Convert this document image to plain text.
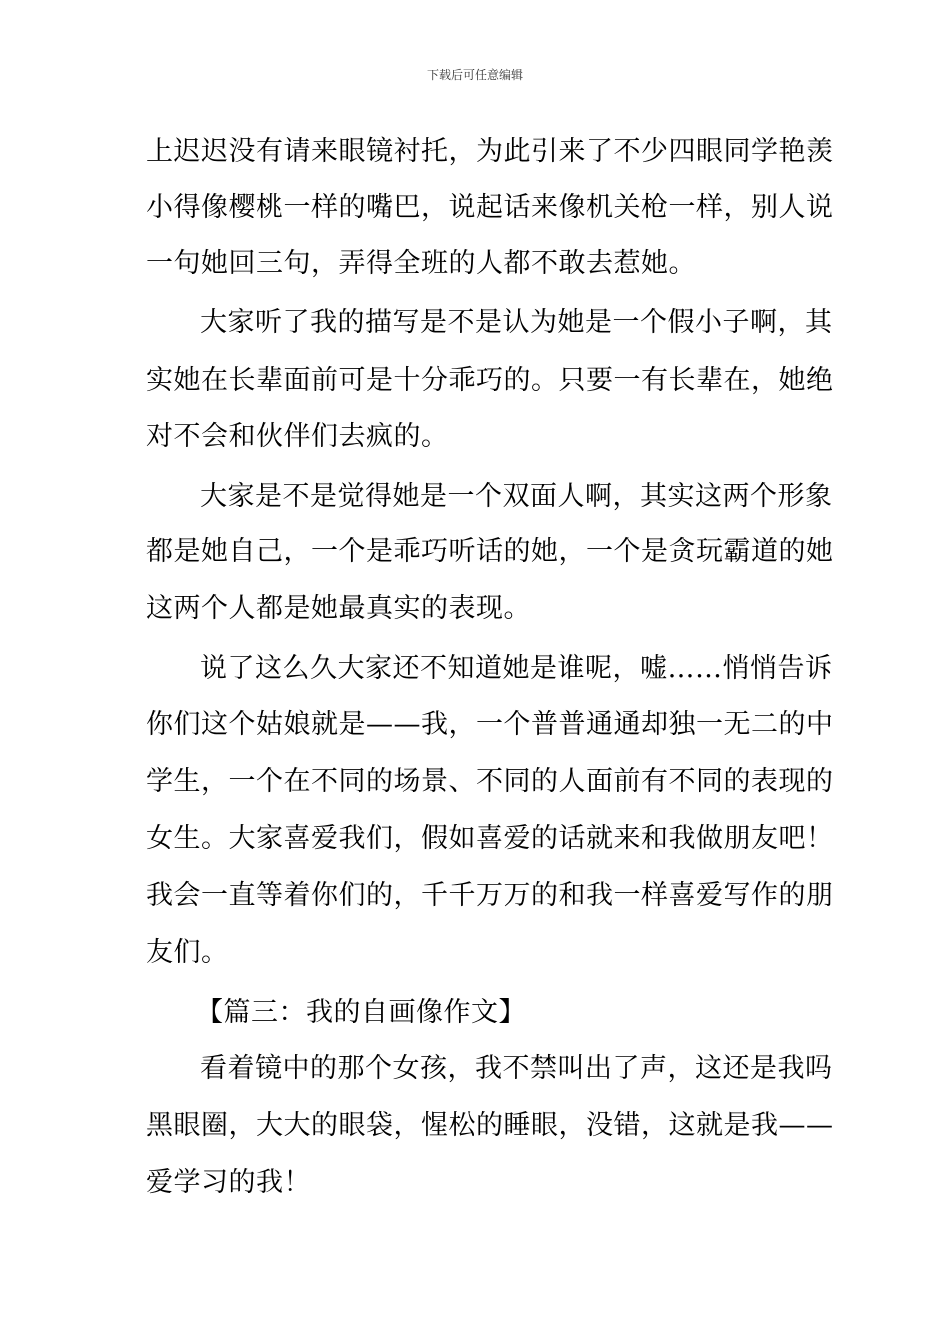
下载后可任意编辑
上迟迟没有请来眼镜衬托，为此引来了不少四眼同学艳羡
小得像樱桃一样的嘴巴，说起话来像机关枪一样，别人说
一句她回三句，弄得全班的人都不敢去惹她。
大家听了我的描写是不是认为她是一个假小子啊，其
实她在长辈面前可是十分乖巧的。只要一有长辈在，她绝
对不会和伙伴们去疯的。
大家是不是觉得她是一个双面人啊，其实这两个形象
都是她自己，一个是乖巧听话的她，一个是贪玩霸道的她
这两个人都是她最真实的表现。
说了这么久大家还不知道她是谁呢，嘘……悄悄告诉
你们这个姑娘就是——我，一个普普通通却独一无二的中
学生，一个在不同的场景、不同的人面前有不同的表现的
女生。大家喜爱我们，假如喜爱的话就来和我做朋友吧！
我会一直等着你们的，千千万万的和我一样喜爱写作的朋
友们。
【篇三：我的自画像作文】
看着镜中的那个女孩，我不禁叫出了声，这还是我吗
黑眼圈，大大的眼袋，惺松的睡眼，没错，这就是我——
爱学习的我！
